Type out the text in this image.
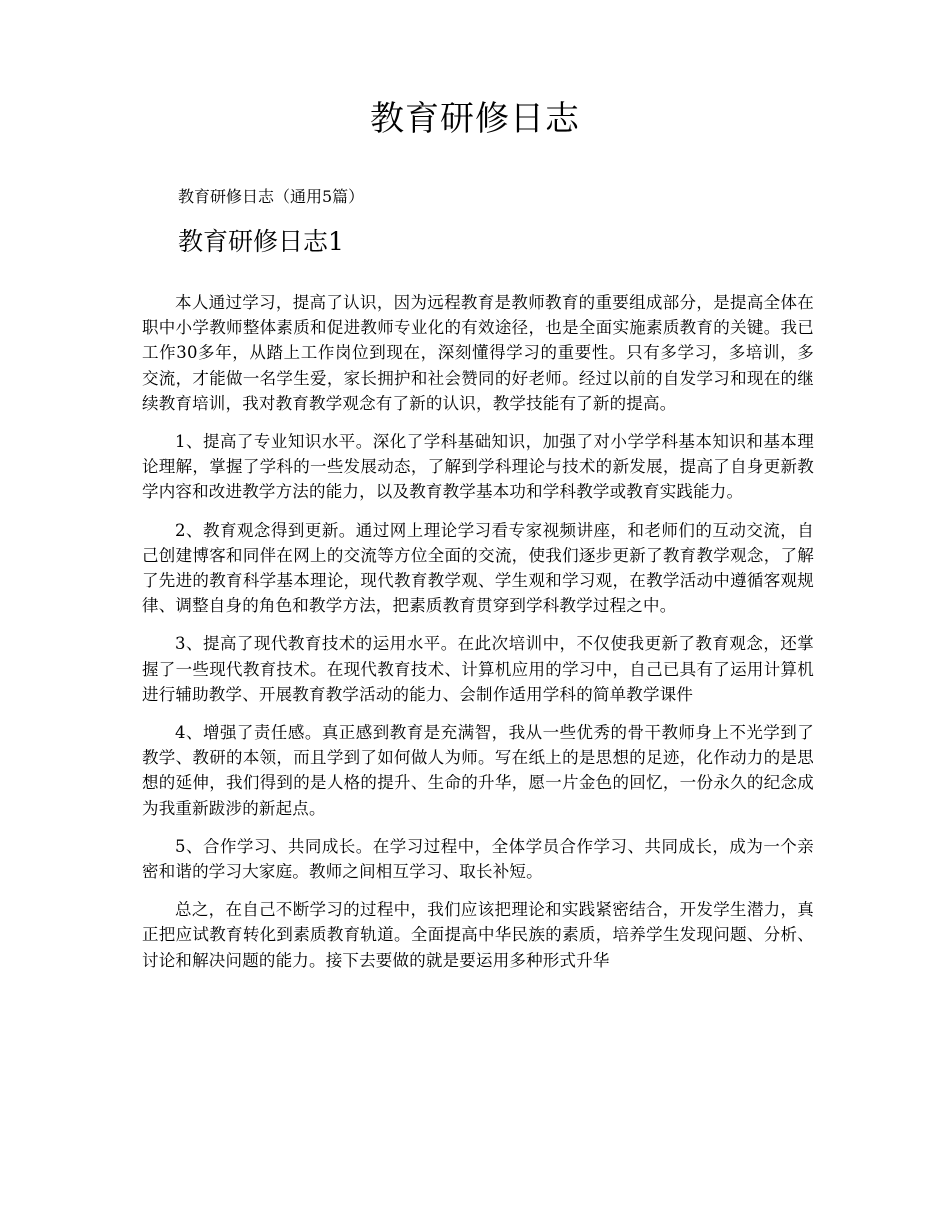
教育研修日志

教育研修日志（通用5篇）

教育研修日志1

本人通过学习，提高了认识，因为远程教育是教师教育的重要组成部分，是提高全体在职中小学教师整体素质和促进教师专业化的有效途径，也是全面实施素质教育的关键。我已工作30多年，从踏上工作岗位到现在，深刻懂得学习的重要性。只有多学习，多培训，多交流，才能做一名学生爱，家长拥护和社会赞同的好老师。经过以前的自发学习和现在的继续教育培训，我对教育教学观念有了新的认识，教学技能有了新的提高。

1、提高了专业知识水平。深化了学科基础知识，加强了对小学学科基本知识和基本理论理解，掌握了学科的一些发展动态，了解到学科理论与技术的新发展，提高了自身更新教学内容和改进教学方法的能力，以及教育教学基本功和学科教学或教育实践能力。

2、教育观念得到更新。通过网上理论学习看专家视频讲座，和老师们的互动交流，自己创建博客和同伴在网上的交流等方位全面的交流，使我们逐步更新了教育教学观念，了解了先进的教育科学基本理论，现代教育教学观、学生观和学习观，在教学活动中遵循客观规律、调整自身的角色和教学方法，把素质教育贯穿到学科教学过程之中。

3、提高了现代教育技术的运用水平。在此次培训中，不仅使我更新了教育观念，还掌握了一些现代教育技术。在现代教育技术、计算机应用的学习中，自己已具有了运用计算机进行辅助教学、开展教育教学活动的能力、会制作适用学科的简单教学课件

4、增强了责任感。真正感到教育是充满智，我从一些优秀的骨干教师身上不光学到了教学、教研的本领，而且学到了如何做人为师。写在纸上的是思想的足迹，化作动力的是思想的延伸，我们得到的是人格的提升、生命的升华，愿一片金色的回忆，一份永久的纪念成为我重新跋涉的新起点。

5、合作学习、共同成长。在学习过程中，全体学员合作学习、共同成长，成为一个亲密和谐的学习大家庭。教师之间相互学习、取长补短。

总之，在自己不断学习的过程中，我们应该把理论和实践紧密结合，开发学生潜力，真正把应试教育转化到素质教育轨道。全面提高中华民族的素质，培养学生发现问题、分析、讨论和解决问题的能力。接下去要做的就是要运用多种形式升华
